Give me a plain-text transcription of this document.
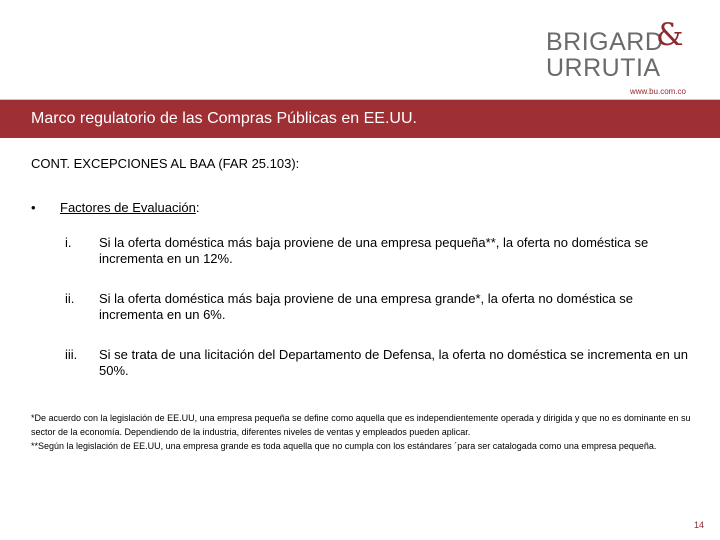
BRIGARD
&
URRUTIA
www.bu.com.co
Marco regulatorio de las Compras Públicas en EE.UU.
CONT. EXCEPCIONES AL BAA (FAR 25.103):
• Factores de Evaluación:
i. Si la oferta doméstica más baja proviene de una empresa pequeña**, la oferta no doméstica se incrementa en un 12%.
ii. Si la oferta doméstica más baja proviene de una empresa grande*, la oferta no doméstica se incrementa en un 6%.
iii. Si se trata de una licitación del Departamento de Defensa, la oferta no doméstica se incrementa en un 50%.
*De acuerdo con la legislación de EE.UU, una empresa pequeña se define como aquella que es independientemente operada y dirigida y que no es dominante en su sector de la economía. Dependiendo de la industria, diferentes niveles de ventas y empleados pueden aplicar.
**Según la legislación de EE.UU, una empresa grande es toda aquella que no cumpla con los estándares ´para ser catalogada como una empresa pequeña.
14
